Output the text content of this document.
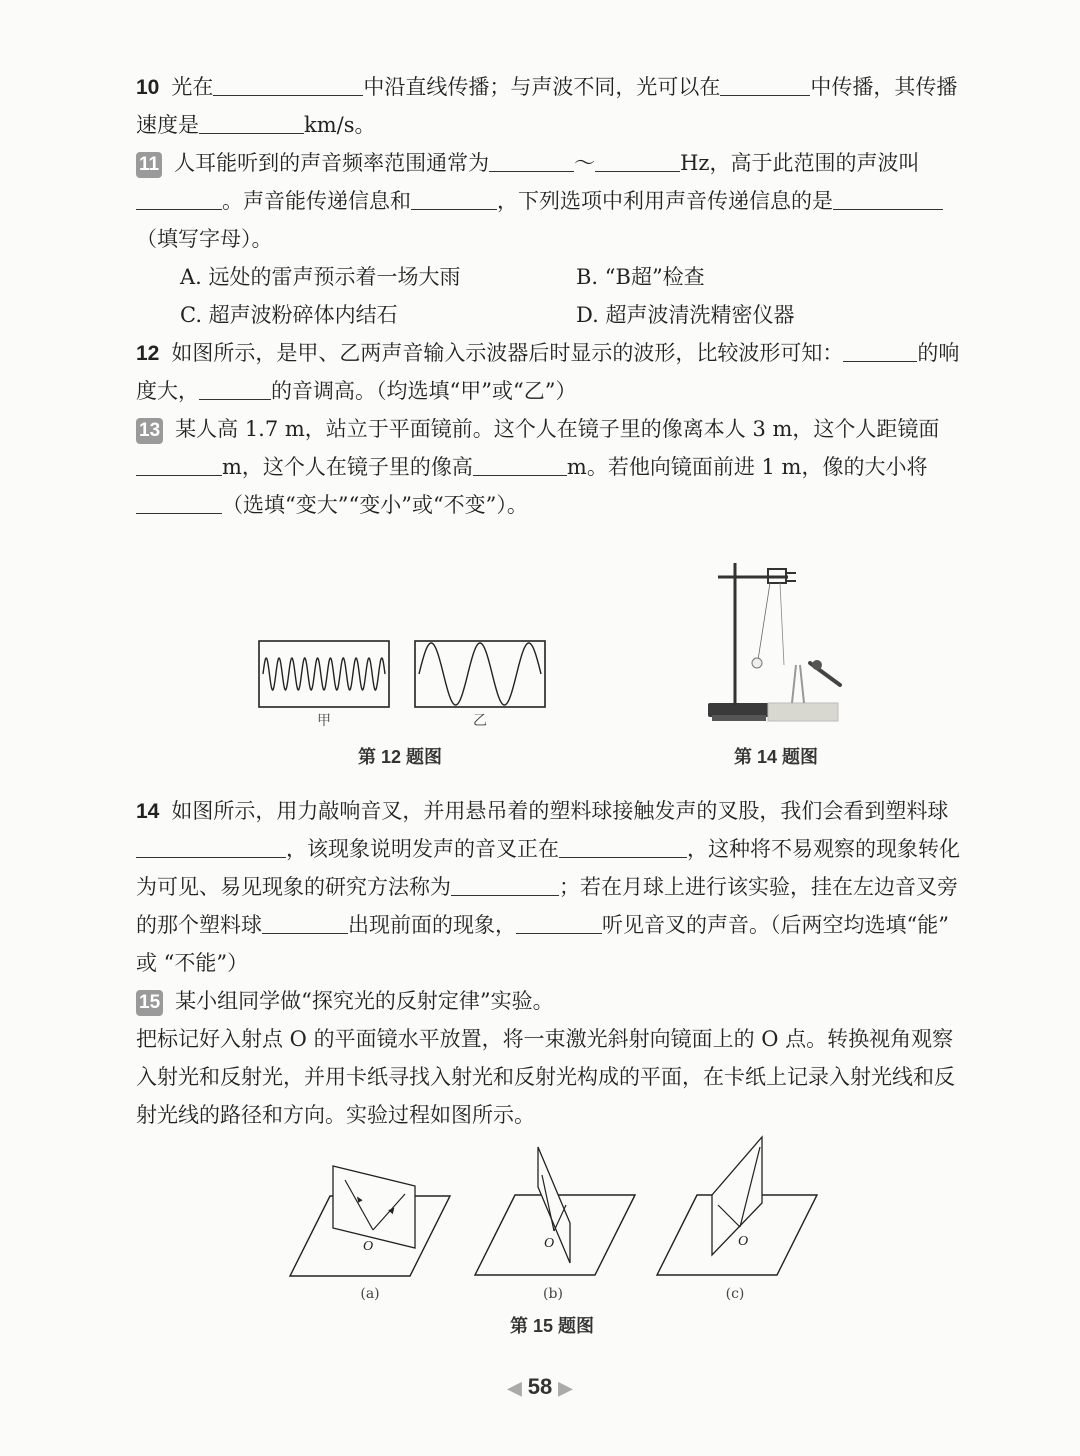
10 光在	中沿直线传播；与声波不同，光可以在	中传播，其传播
速度是	km/s。
11 人耳能听到的声音频率范围通常为	～	Hz，高于此范围的声波叫
。声音能传递信息和	，下列选项中利用声音传递信息的是
（填写字母）。
A. 远处的雷声预示着一场大雨	B. “B超”检查
C. 超声波粉碎体内结石	D. 超声波清洗精密仪器
12 如图所示，是甲、乙两声音输入示波器后时显示的波形，比较波形可知：	的响
度大，	的音调高。（均选填“甲”或“乙”）
13 某人高 1.7 m，站立于平面镜前。这个人在镜子里的像离本人 3 m，这个人距镜面
m，这个人在镜子里的像高	m。若他向镜面前进 1 m，像的大小将
（选填“变大”“变小”或“不变”）。
甲	乙
第 12 题图	第 14 题图
14 如图所示，用力敲响音叉，并用悬吊着的塑料球接触发声的叉股，我们会看到塑料球
，该现象说明发声的音叉正在	，这种将不易观察的现象转化
为可见、易见现象的研究方法称为	；若在月球上进行该实验，挂在左边音叉旁
的那个塑料球	出现前面的现象，	听见音叉的声音。（后两空均选填“能”
或 “不能”）
15 某小组同学做“探究光的反射定律”实验。
把标记好入射点 O 的平面镜水平放置，将一束激光斜射向镜面上的 O 点。转换视角观察
入射光和反射光，并用卡纸寻找入射光和反射光构成的平面，在卡纸上记录入射光线和反
射光线的路径和方向。实验过程如图所示。
O
(a)
O
(b)
O
(c)
第 15 题图
◀ 58 ▶
